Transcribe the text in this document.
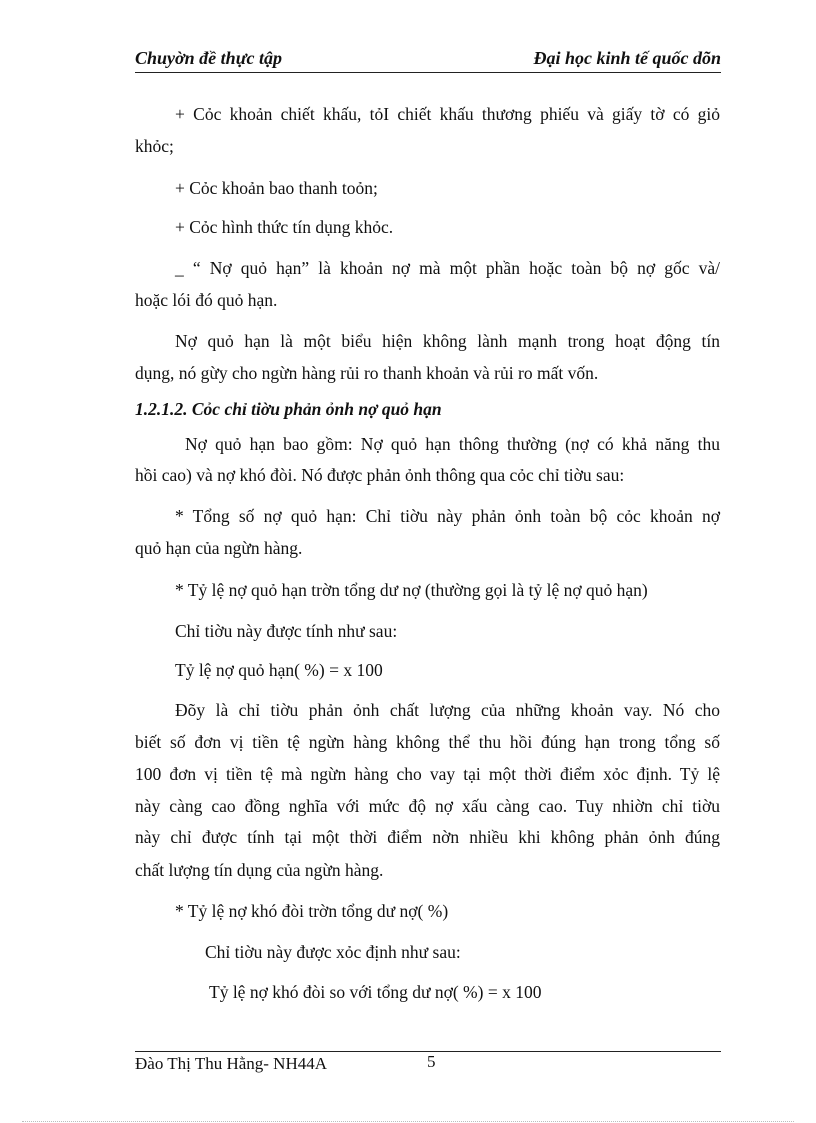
Chuyờn đề thực tập	Đại học kinh tế quốc dõn
+ Cỏc khoản chiết khấu, tỏI chiết khấu thương phiếu và giấy tờ có giỏ
khỏc;
+ Cỏc khoản bao thanh toỏn;
+ Cỏc hình thức tín dụng khỏc.
_ “ Nợ quỏ hạn” là khoản nợ mà một phần hoặc toàn bộ nợ gốc và/
hoặc lói đó quỏ hạn.
Nợ quỏ hạn là một biểu hiện không lành mạnh trong hoạt động tín
dụng, nó gừy cho ngừn hàng rủi ro thanh khoản và rủi ro mất vốn.
1.2.1.2. Cỏc chỉ tiờu phản ỏnh nợ quỏ hạn
Nợ quỏ hạn bao gồm: Nợ quỏ hạn thông thường (nợ có khả năng thu
hồi cao) và nợ khó đòi. Nó được phản ỏnh thông qua cỏc chỉ tiờu sau:
* Tổng số nợ quỏ hạn: Chỉ tiờu này phản ỏnh toàn bộ cỏc khoản nợ
quỏ hạn của ngừn hàng.
* Tỷ lệ nợ quỏ hạn trờn tổng dư nợ (thường gọi là tỷ lệ nợ quỏ hạn)
Chỉ tiờu này được tính như sau:
Tỷ lệ nợ quỏ hạn( %) = x 100
Đõy là chỉ tiờu phản ỏnh chất lượng của những khoản vay. Nó cho
biết số đơn vị tiền tệ ngừn hàng không thể thu hồi đúng hạn trong tổng số
100 đơn vị tiền tệ mà ngừn hàng cho vay tại một thời điểm xỏc định. Tỷ lệ
này càng cao đồng nghĩa với mức độ nợ xấu càng cao. Tuy nhiờn chỉ tiờu
này chỉ được tính tại một thời điểm nờn nhiều khi không phản ỏnh đúng
chất lượng tín dụng của ngừn hàng.
* Tỷ lệ nợ khó đòi trờn tổng dư nợ( %)
Chỉ tiờu này được xỏc định như sau:
Tỷ lệ nợ khó đòi so với tổng dư nợ( %) = x 100
Đào Thị Thu Hằng- NH44A	5
